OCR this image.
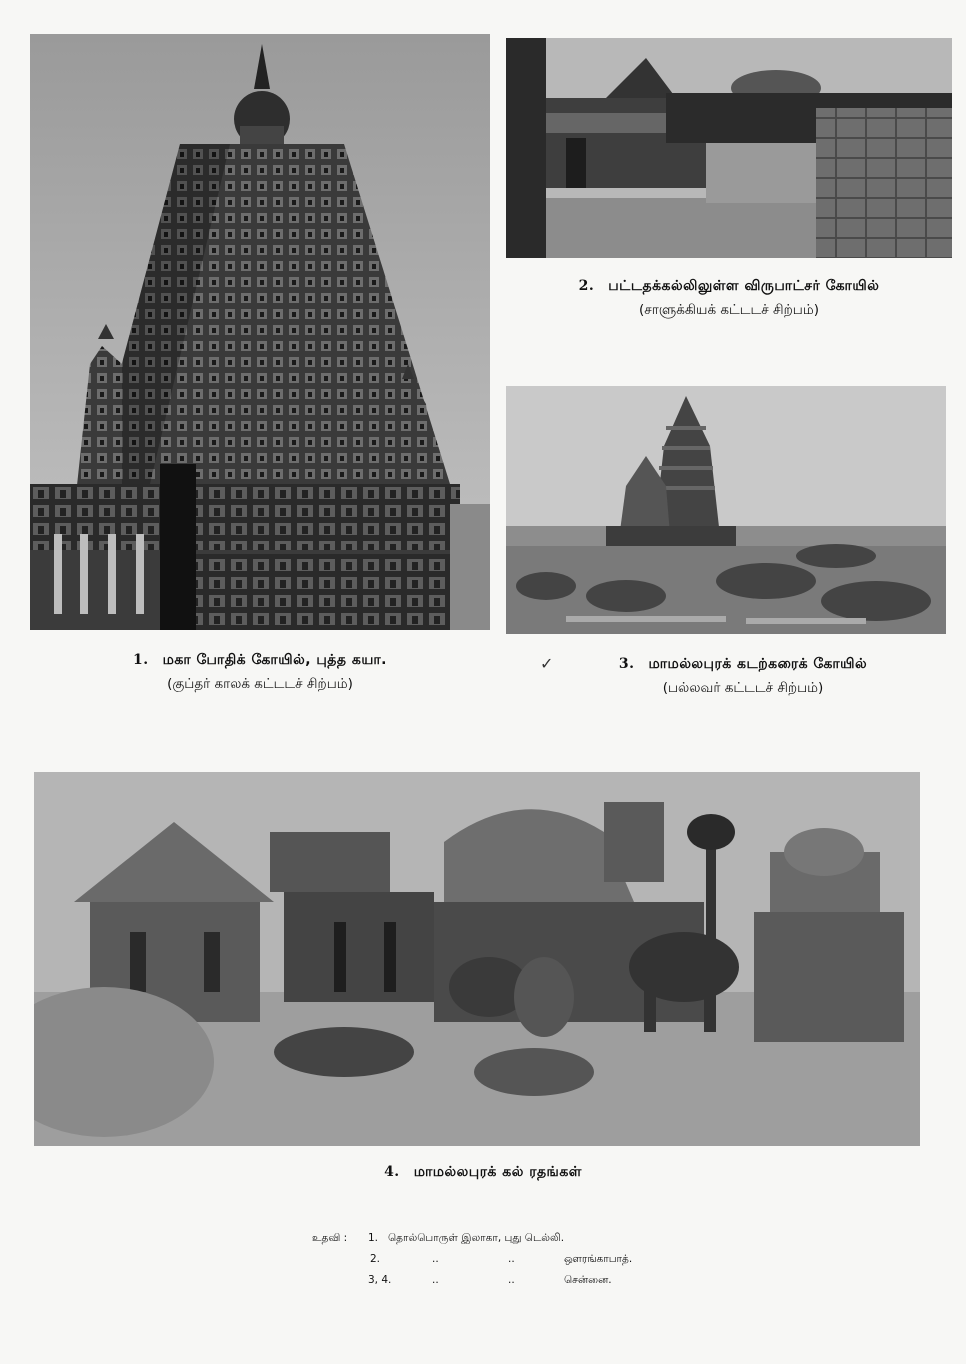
1. மகா போதிக் கோயில், புத்த கயா.
(குப்தர் காலக் கட்டடச் சிற்பம்)
2. பட்டதக்கல்லிலுள்ள விருபாட்சர் கோயில்
(சாளுக்கியக் கட்டடச் சிற்பம்)
✓	3. மாமல்லபுரக் கடற்கரைக் கோயில்
(பல்லவர் கட்டடச் சிற்பம்)
4. மாமல்லபுரக் கல் ரதங்கள்
உதவி : 1. தொல்பொருள் இலாகா, புது டெல்லி.
2.	..	..	ஔரங்காபாத்.
3, 4.	..	..	சென்னை.
